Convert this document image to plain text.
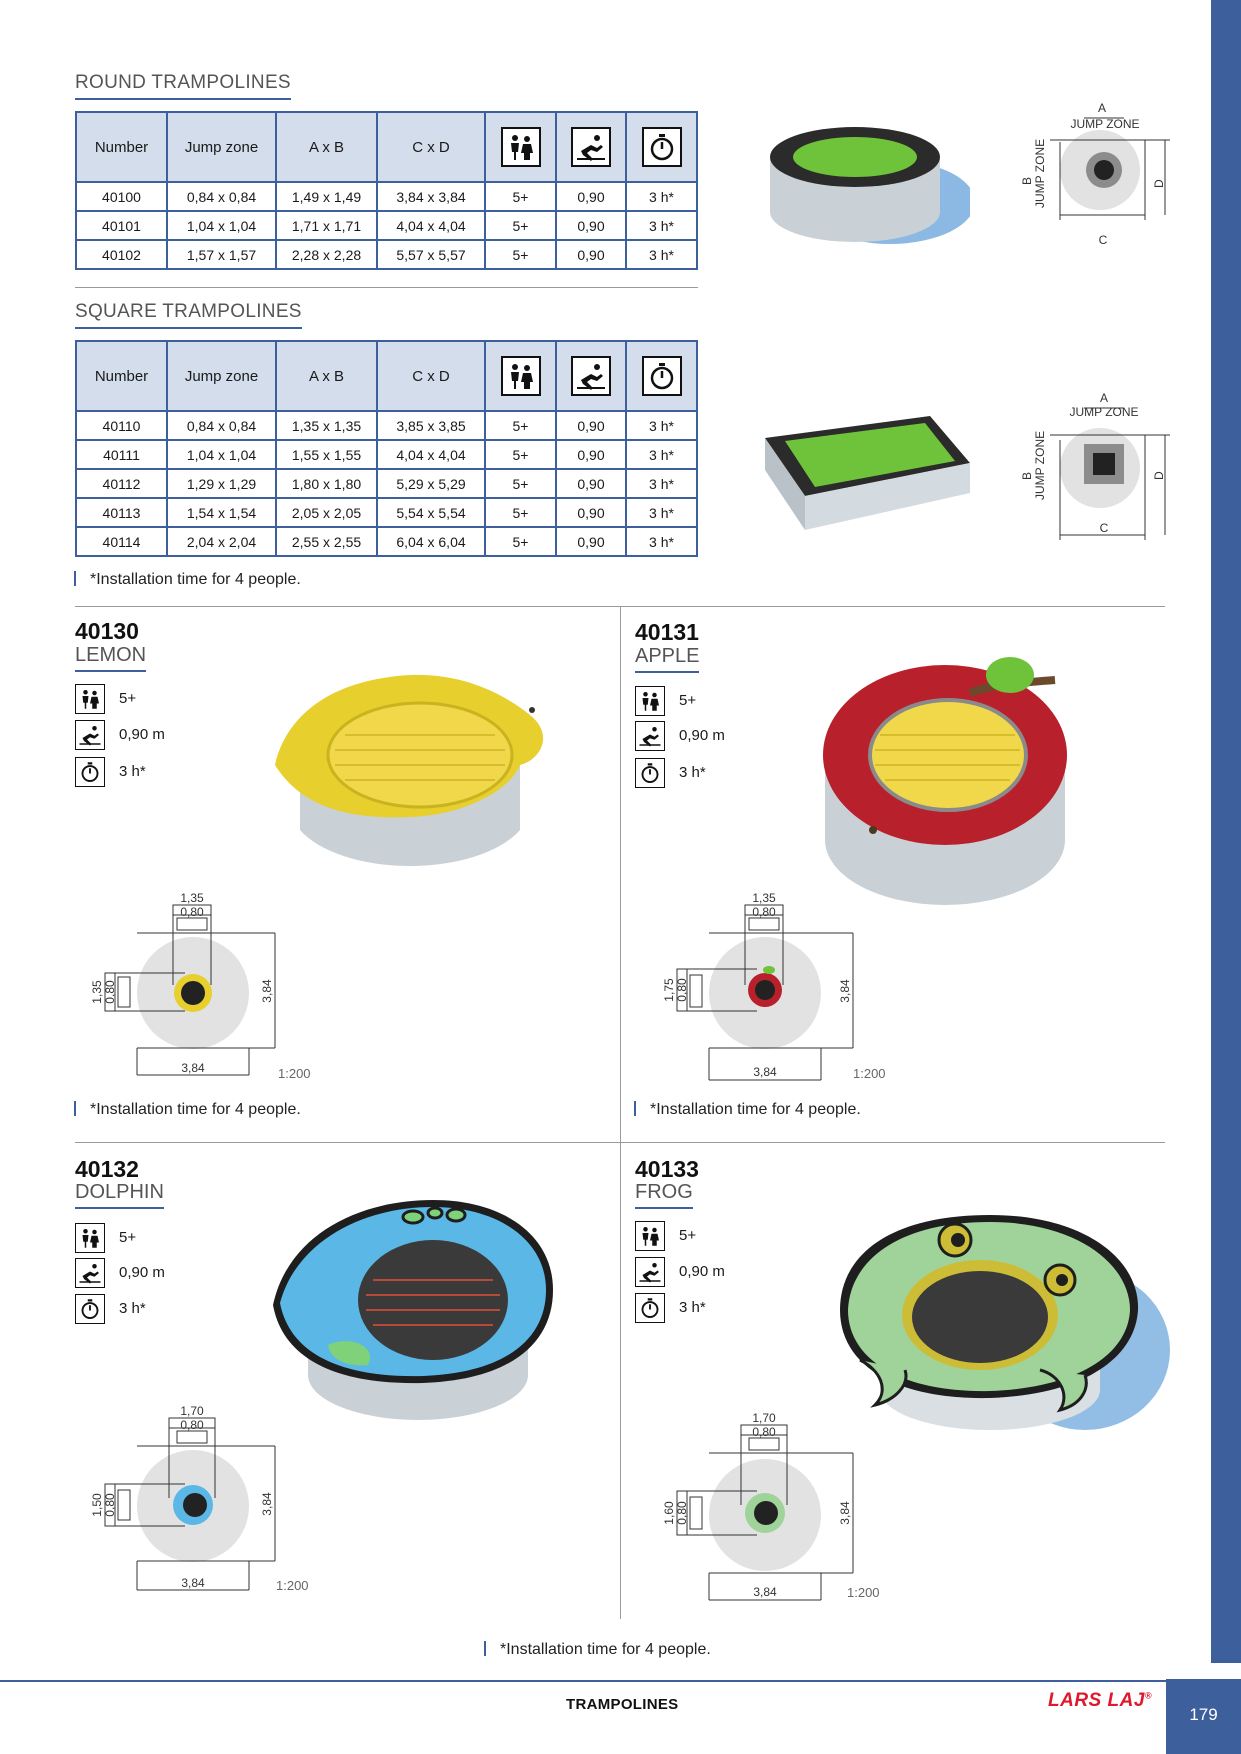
ROUND TRAMPOLINES
Number	Jump zone	A x B	C x D	

40100	0,84 x 0,84	1,49 x 1,49	3,84 x 3,84	5+	0,90	3 h*
40101	1,04 x 1,04	1,71 x 1,71	4,04 x 4,04	5+	0,90	3 h*
40102	1,57 x 1,57	2,28 x 2,28	5,57 x 5,57	5+	0,90	3 h*
A
JUMP ZONE
C
D
B JUMP ZONE
SQUARE TRAMPOLINES
Number	Jump zone	A x B	C x D	

40110	0,84 x 0,84	1,35 x 1,35	3,85 x 3,85	5+	0,90	3 h*
40111	1,04 x 1,04	1,55 x 1,55	4,04 x 4,04	5+	0,90	3 h*
40112	1,29 x 1,29	1,80 x 1,80	5,29 x 5,29	5+	0,90	3 h*
40113	1,54 x 1,54	2,05 x 2,05	5,54 x 5,54	5+	0,90	3 h*
40114	2,04 x 2,04	2,55 x 2,55	6,04 x 6,04	5+	0,90	3 h*
A
JUMP ZONE
C
D
B JUMP ZONE
*Installation time for 4 people.
40130
LEMON
5+
0,90 m
3 h*
1,35
0,80
1,35 0,80	3,84
3,84	1:200
*Installation time for 4 people.
40131
APPLE
5+
0,90 m
3 h*
1,35
0,80
1,75 0,80	3,84
3,84	1:200
*Installation time for 4 people.
40132
DOLPHIN
5+
0,90 m
3 h*
1,70
0,80
1,50 0,80	3,84
3,84	1:200
40133
FROG
5+
0,90 m
3 h*
1,70
0,80
1,60 0,80	3,84
3,84	1:200
*Installation time for 4 people.
TRAMPOLINES	LARS LAJ®
179
